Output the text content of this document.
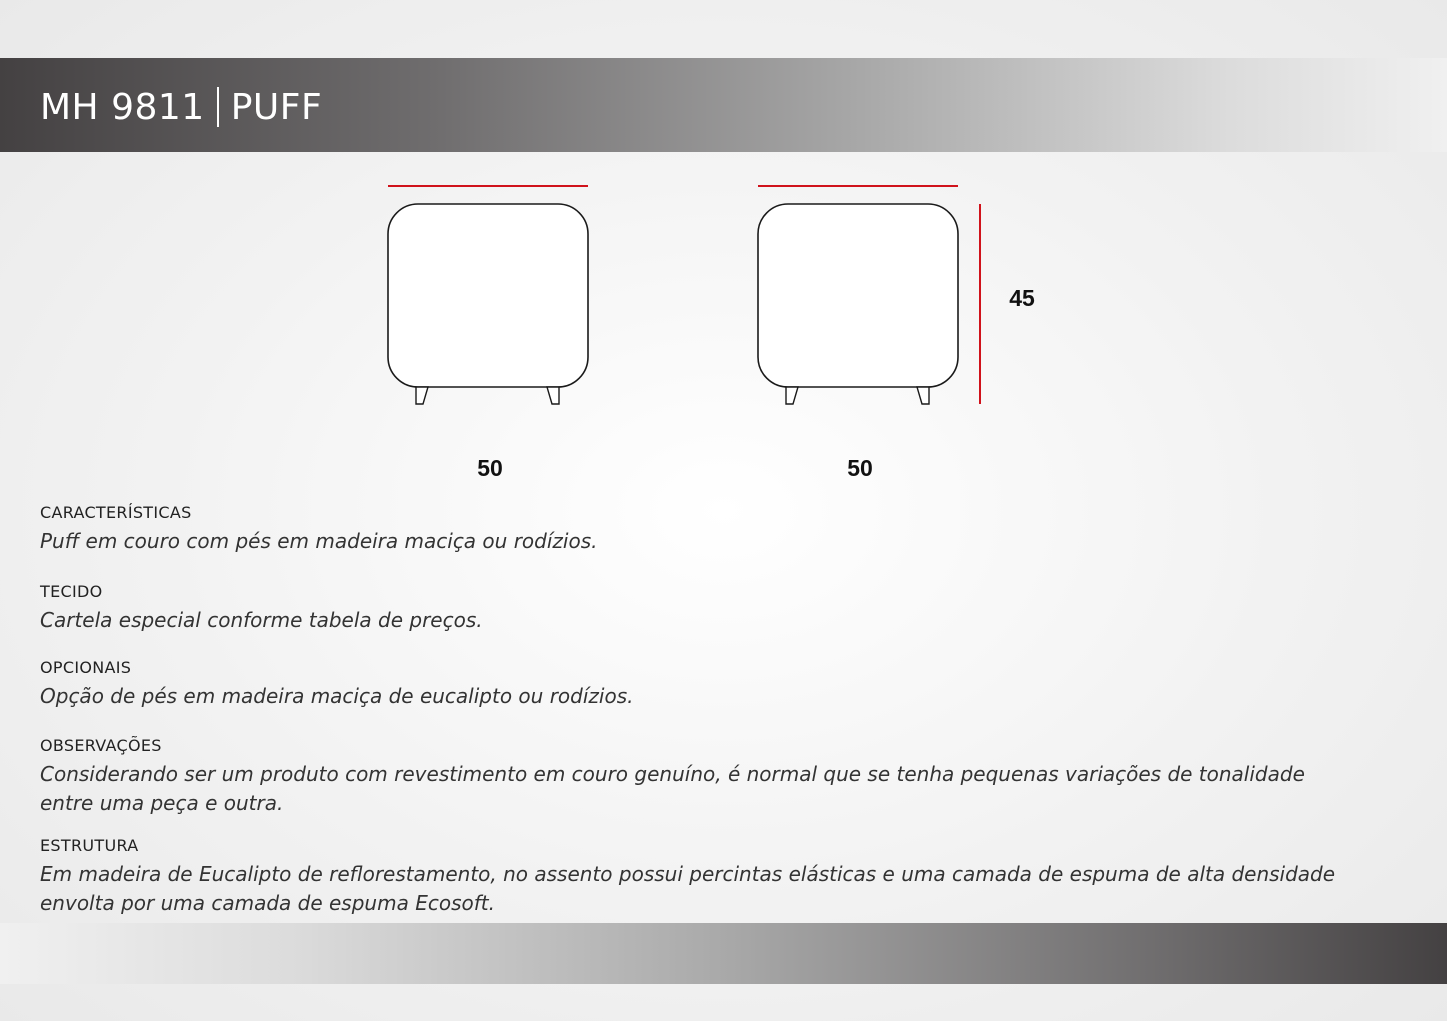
MH 9811 PUFF
50	50
45

CARACTERÍSTICAS

Puff em couro com pés em madeira maciça ou rodízios.

TECIDO

Cartela especial conforme tabela de preços.

OPCIONAIS

Opção de pés em madeira maciça de eucalipto ou rodízios.

OBSERVAÇÕES

Considerando ser um produto com revestimento em couro genuíno, é normal que se tenha pequenas variações de tonalidade entre uma peça e outra.

ESTRUTURA

Em madeira de Eucalipto de reflorestamento, no assento possui percintas elásticas e uma camada de espuma de alta densidade envolta por uma camada de espuma Ecosoft.
